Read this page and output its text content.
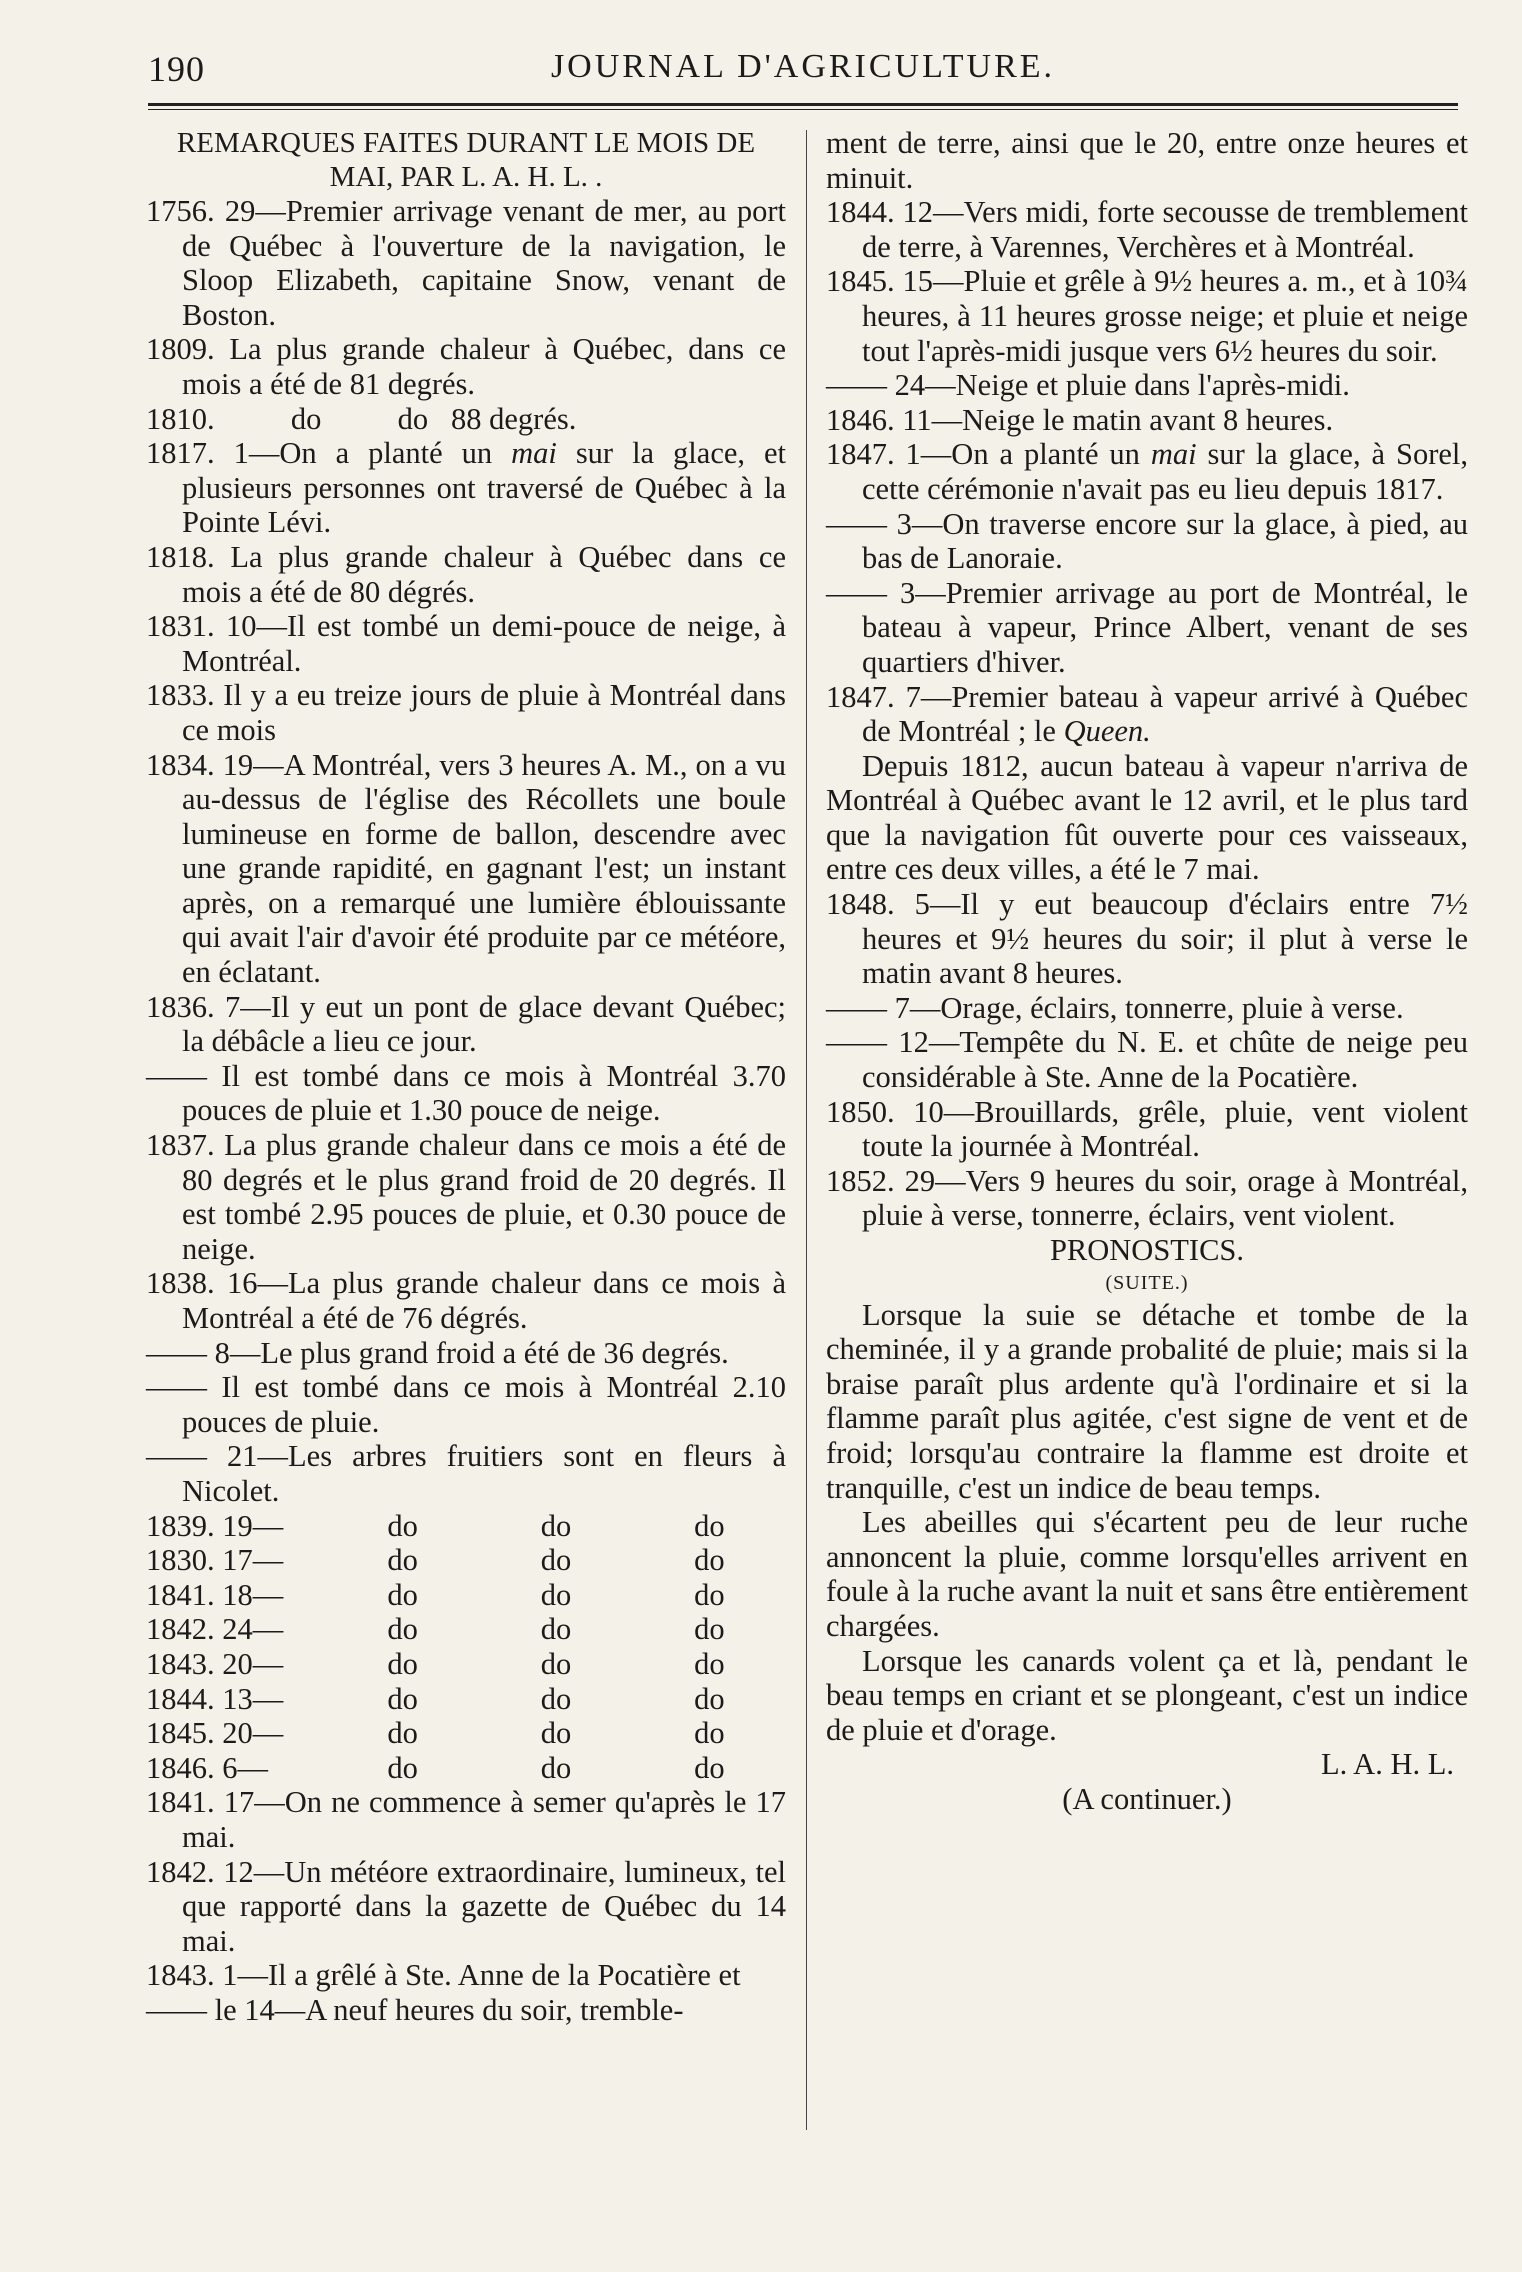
190	JOURNAL D'AGRICULTURE.

REMARQUES FAITES DURANT LE MOIS DE MAI, PAR L. A. H. L. .

1756. 29—Premier arrivage venant de mer, au port de Québec à l'ouverture de la navigation, le Sloop Elizabeth, capitaine Snow, venant de Boston.

1809. La plus grande chaleur à Québec, dans ce mois a été de 81 degrés.

1810.          do          do   88 degrés.

1817. 1—On a planté un mai sur la glace, et plusieurs personnes ont traversé de Québec à la Pointe Lévi.

1818. La plus grande chaleur à Québec dans ce mois a été de 80 dégrés.

1831. 10—Il est tombé un demi-pouce de neige, à Montréal.

1833. Il y a eu treize jours de pluie à Montréal dans ce mois

1834. 19—A Montréal, vers 3 heures A. M., on a vu au-dessus de l'église des Récollets une boule lumineuse en forme de ballon, descendre avec une grande rapidité, en gagnant l'est; un instant après, on a remarqué une lumière éblouissante qui avait l'air d'avoir été produite par ce météore, en éclatant.

1836. 7—Il y eut un pont de glace devant Québec; la débâcle a lieu ce jour.

—— Il est tombé dans ce mois à Montréal 3.70 pouces de pluie et 1.30 pouce de neige.

1837. La plus grande chaleur dans ce mois a été de 80 degrés et le plus grand froid de 20 degrés. Il est tombé 2.95 pouces de pluie, et 0.30 pouce de neige.

1838. 16—La plus grande chaleur dans ce mois à Montréal a été de 76 dégrés.

—— 8—Le plus grand froid a été de 36 degrés.

—— Il est tombé dans ce mois à Montréal 2.10 pouces de pluie.

—— 21—Les arbres fruitiers sont en fleurs à Nicolet.

1839. 19—	do	do	do
1830. 17—	do	do	do
1841. 18—	do	do	do
1842. 24—	do	do	do
1843. 20—	do	do	do
1844. 13—	do	do	do
1845. 20—	do	do	do
1846. 6—	do	do	do

1841. 17—On ne commence à semer qu'après le 17 mai.

1842. 12—Un météore extraordinaire, lumineux, tel que rapporté dans la gazette de Québec du 14 mai.

1843. 1—Il a grêlé à Ste. Anne de la Pocatière et

—— le 14—A neuf heures du soir, tremble-

ment de terre, ainsi que le 20, entre onze heures et minuit.

1844. 12—Vers midi, forte secousse de tremblement de terre, à Varennes, Verchères et à Montréal.

1845. 15—Pluie et grêle à 9½ heures a. m., et à 10¾ heures, à 11 heures grosse neige; et pluie et neige tout l'après-midi jusque vers 6½ heures du soir.

—— 24—Neige et pluie dans l'après-midi.

1846. 11—Neige le matin avant 8 heures.

1847. 1—On a planté un mai sur la glace, à Sorel, cette cérémonie n'avait pas eu lieu depuis 1817.

—— 3—On traverse encore sur la glace, à pied, au bas de Lanoraie.

—— 3—Premier arrivage au port de Montréal, le bateau à vapeur, Prince Albert, venant de ses quartiers d'hiver.

1847. 7—Premier bateau à vapeur arrivé à Québec de Montréal ; le Queen.

Depuis 1812, aucun bateau à vapeur n'arriva de Montréal à Québec avant le 12 avril, et le plus tard que la navigation fût ouverte pour ces vaisseaux, entre ces deux villes, a été le 7 mai.

1848. 5—Il y eut beaucoup d'éclairs entre 7½ heures et 9½ heures du soir; il plut à verse le matin avant 8 heures.

—— 7—Orage, éclairs, tonnerre, pluie à verse.

—— 12—Tempête du N. E. et chûte de neige peu considérable à Ste. Anne de la Pocatière.

1850. 10—Brouillards, grêle, pluie, vent violent toute la journée à Montréal.

1852. 29—Vers 9 heures du soir, orage à Montréal, pluie à verse, tonnerre, éclairs, vent violent.

PRONOSTICS.

(SUITE.)

Lorsque la suie se détache et tombe de la cheminée, il y a grande probalité de pluie; mais si la braise paraît plus ardente qu'à l'ordinaire et si la flamme paraît plus agitée, c'est signe de vent et de froid; lorsqu'au contraire la flamme est droite et tranquille, c'est un indice de beau temps.

Les abeilles qui s'écartent peu de leur ruche annoncent la pluie, comme lorsqu'elles arrivent en foule à la ruche avant la nuit et sans être entièrement chargées.

Lorsque les canards volent ça et là, pendant le beau temps en criant et se plongeant, c'est un indice de pluie et d'orage.

L. A. H. L.

(A continuer.)
